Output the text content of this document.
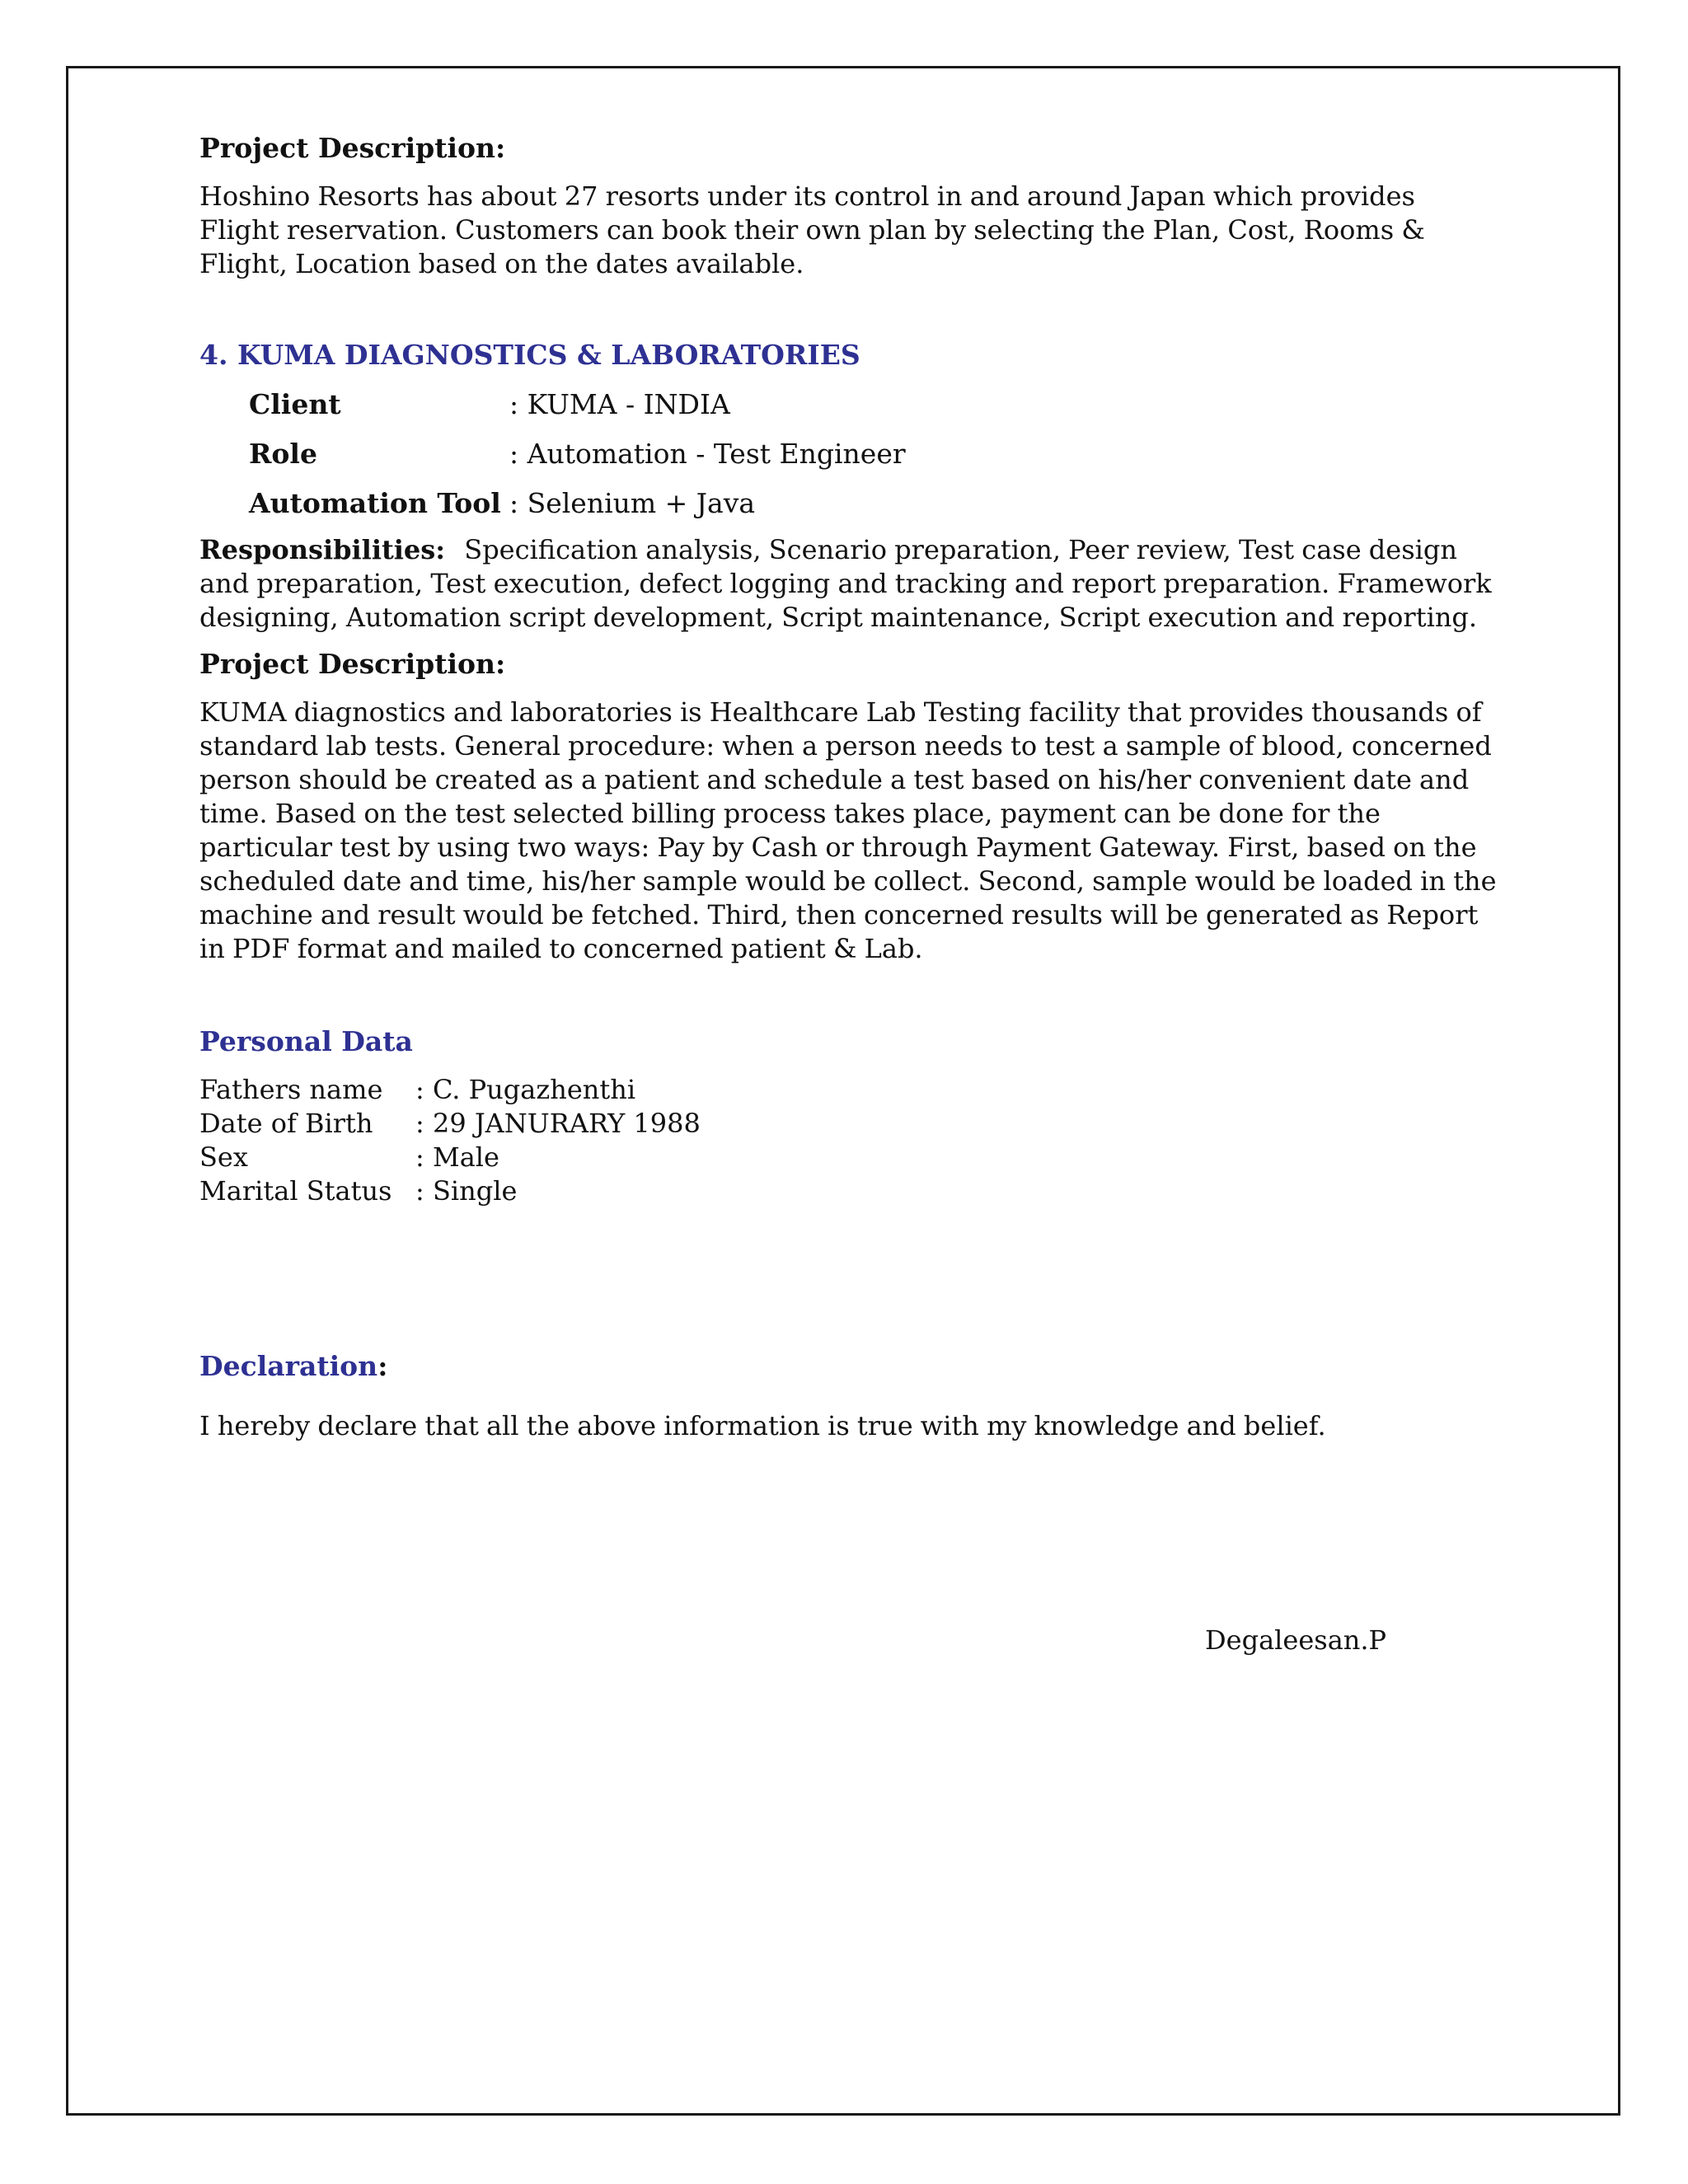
Project Description:
Hoshino Resorts has about 27 resorts under its control in and around Japan which provides Flight reservation. Customers can book their own plan by selecting the Plan, Cost, Rooms & Flight, Location based on the dates available.
4. KUMA DIAGNOSTICS & LABORATORIES
Client	: KUMA - INDIA
Role	: Automation - Test Engineer
Automation Tool : Selenium + Java
Responsibilities: Specification analysis, Scenario preparation, Peer review, Test case design and preparation, Test execution, defect logging and tracking and report preparation. Framework designing, Automation script development, Script maintenance, Script execution and reporting.
Project Description:
KUMA diagnostics and laboratories is Healthcare Lab Testing facility that provides thousands of standard lab tests. General procedure: when a person needs to test a sample of blood, concerned person should be created as a patient and schedule a test based on his/her convenient date and time. Based on the test selected billing process takes place, payment can be done for the particular test by using two ways: Pay by Cash or through Payment Gateway. First, based on the scheduled date and time, his/her sample would be collect. Second, sample would be loaded in the machine and result would be fetched. Third, then concerned results will be generated as Report in PDF format and mailed to concerned patient & Lab.
Personal Data
Fathers name : C. Pugazhenthi
Date of Birth : 29 JANURARY 1988
Sex	: Male
Marital Status : Single
Declaration:
I hereby declare that all the above information is true with my knowledge and belief.
Degaleesan.P
